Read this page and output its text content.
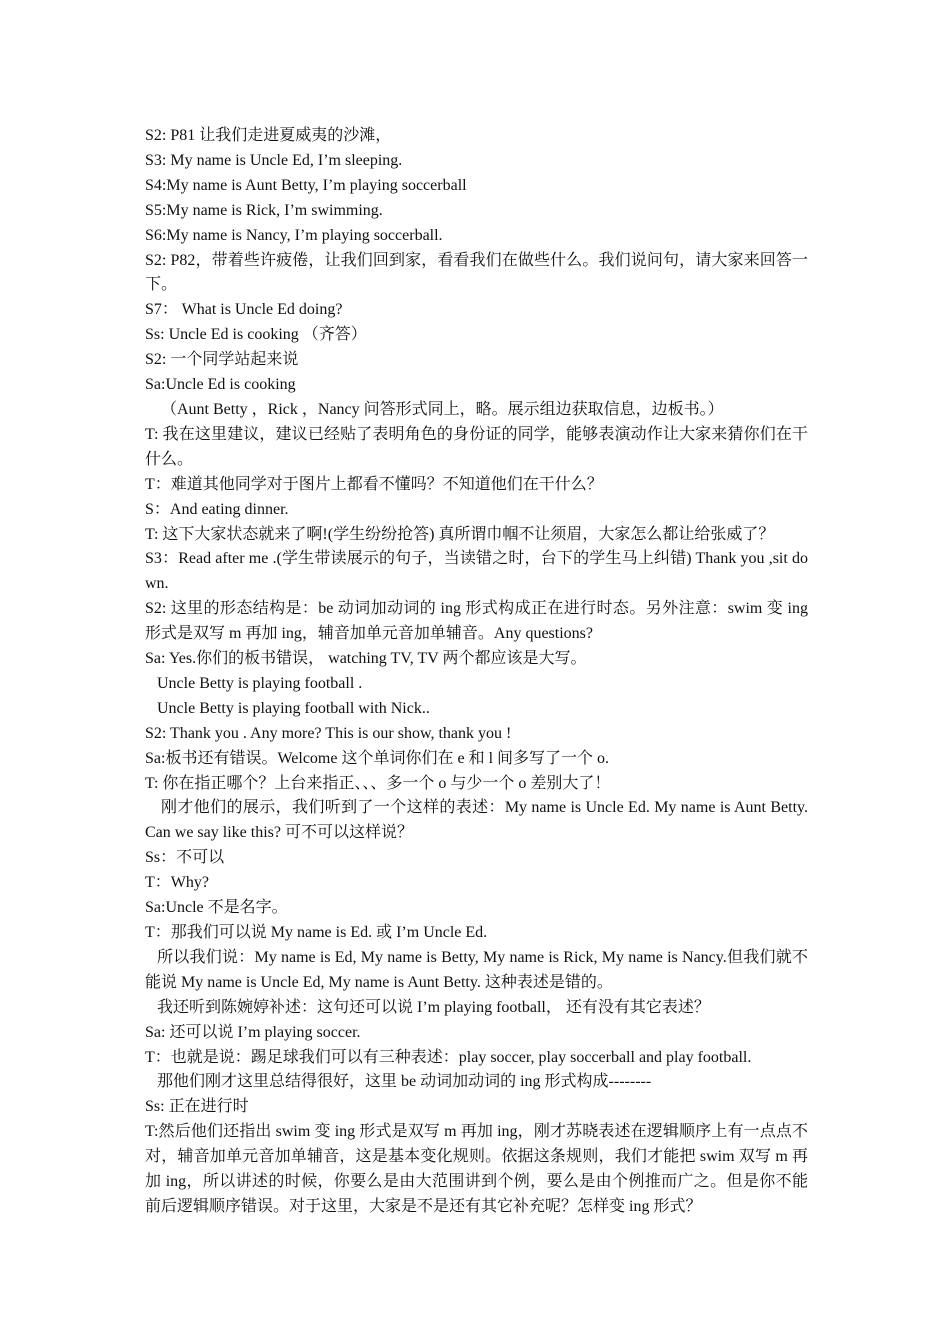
S2: P81 让我们走进夏威夷的沙滩，

S3: My name is Uncle Ed, I’m sleeping.

S4:My name is Aunt Betty, I’m playing soccerball

S5:My name is Rick, I’m swimming.

S6:My name is Nancy, I’m playing soccerball.

S2: P82，带着些许疲倦，让我们回到家，看看我们在做些什么。我们说问句，请大家来回答一下。

S7： What is Uncle Ed doing?

Ss: Uncle Ed is cooking （齐答）

S2: 一个同学站起来说

Sa:Uncle Ed is cooking

（Aunt Betty ，Rick ，Nancy 问答形式同上，略。展示组边获取信息，边板书。）

T: 我在这里建议，建议已经贴了表明角色的身份证的同学，能够表演动作让大家来猜你们在干什么。

T：难道其他同学对于图片上都看不懂吗？不知道他们在干什么？

S：And eating dinner.

T: 这下大家状态就来了啊!(学生纷纷抢答) 真所谓巾帼不让须眉，大家怎么都让给张威了？

S3：Read after me .(学生带读展示的句子，当读错之时，台下的学生马上纠错) Thank you ,sit down.

S2: 这里的形态结构是：be 动词加动词的 ing 形式构成正在进行时态。另外注意：swim 变 ing 形式是双写 m 再加 ing，辅音加单元音加单辅音。Any questions?

Sa: Yes.你们的板书错误， watching TV, TV 两个都应该是大写。

Uncle Betty is playing football .

Uncle Betty is playing football with Nick..

S2: Thank you . Any more? This is our show, thank you !

Sa:板书还有错误。Welcome 这个单词你们在 e 和 l 间多写了一个 o.

T: 你在指正哪个？上台来指正、、、多一个 o 与少一个 o 差别大了！

刚才他们的展示，我们听到了一个这样的表述：My name is Uncle Ed. My name is Aunt Betty. Can we say like this? 可不可以这样说？

Ss：不可以

T：Why?

Sa:Uncle 不是名字。

T：那我们可以说 My name is Ed. 或 I’m Uncle Ed.

所以我们说：My name is Ed, My name is Betty, My name is Rick, My name is Nancy.但我们就不能说 My name is Uncle Ed, My name is Aunt Betty. 这种表述是错的。

我还听到陈婉婷补述：这句还可以说 I’m playing football， 还有没有其它表述？

Sa: 还可以说 I’m playing soccer.

T：也就是说：踢足球我们可以有三种表述：play soccer, play soccerball and play football.

那他们刚才这里总结得很好，这里 be 动词加动词的 ing 形式构成--------

Ss: 正在进行时

T:然后他们还指出 swim 变 ing 形式是双写 m 再加 ing，刚才苏晓表述在逻辑顺序上有一点点不对，辅音加单元音加单辅音，这是基本变化规则。依据这条规则，我们才能把 swim 双写 m 再加 ing，所以讲述的时候，你要么是由大范围讲到个例，要么是由个例推而广之。但是你不能前后逻辑顺序错误。对于这里，大家是不是还有其它补充呢？怎样变 ing 形式？
